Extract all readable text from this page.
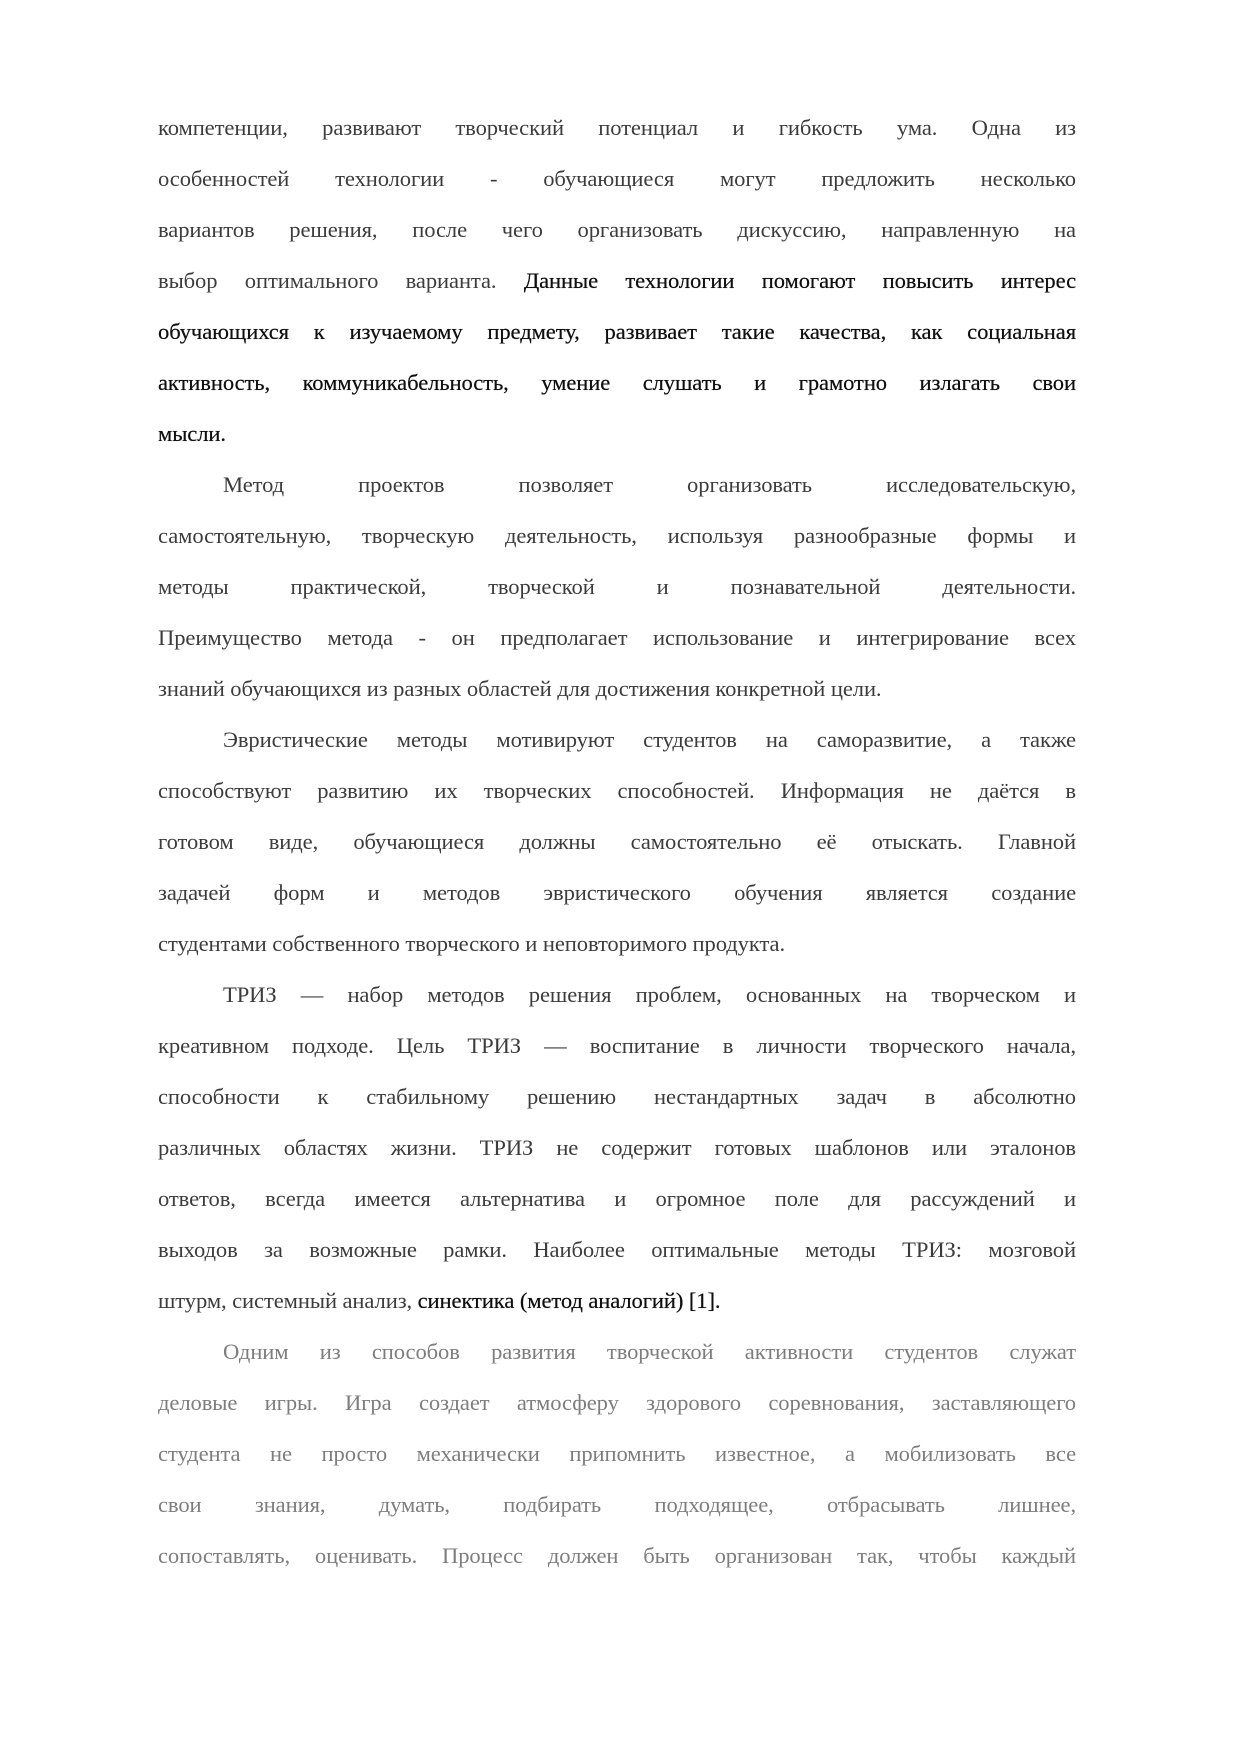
компетенции, развивают творческий потенциал и гибкость ума. Одна из
особенностей технологии - обучающиеся могут предложить несколько
вариантов решения, после чего организовать дискуссию, направленную на
выбор оптимального варианта. Данные технологии помогают повысить интерес
обучающихся к изучаемому предмету, развивает такие качества, как социальная
активность, коммуникабельность, умение слушать и грамотно излагать свои
мысли.
Метод проектов позволяет организовать исследовательскую,
самостоятельную, творческую деятельность, используя разнообразные формы и
методы практической, творческой и познавательной деятельности.
Преимущество метода - он предполагает использование и интегрирование всех
знаний обучающихся из разных областей для достижения конкретной цели.
Эвристические методы мотивируют студентов на саморазвитие, а также
способствуют развитию их творческих способностей. Информация не даётся в
готовом виде, обучающиеся должны самостоятельно её отыскать. Главной
задачей форм и методов эвристического обучения является создание
студентами собственного творческого и неповторимого продукта.
ТРИЗ — набор методов решения проблем, основанных на творческом и
креативном подходе. Цель ТРИЗ — воспитание в личности творческого начала,
способности к стабильному решению нестандартных задач в абсолютно
различных областях жизни. ТРИЗ не содержит готовых шаблонов или эталонов
ответов, всегда имеется альтернатива и огромное поле для рассуждений и
выходов за возможные рамки. Наиболее оптимальные методы ТРИЗ: мозговой
штурм, системный анализ, синектика (метод аналогий) [1].
Одним из способов развития творческой активности студентов служат
деловые игры. Игра создает атмосферу здорового соревнования, заставляющего
студента не просто механически припомнить известное, а мобилизовать все
свои знания, думать, подбирать подходящее, отбрасывать лишнее,
сопоставлять, оценивать. Процесс должен быть организован так, чтобы каждый
